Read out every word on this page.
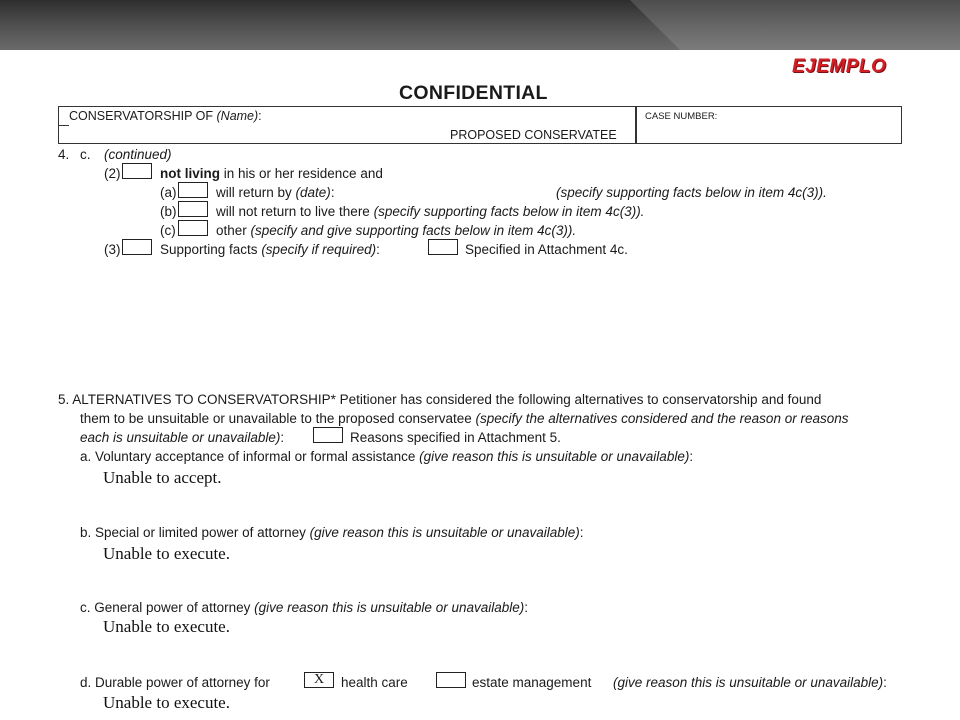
EJEMPLO
CONFIDENTIAL
CONSERVATORSHIP OF (Name):
PROPOSED CONSERVATEE
CASE NUMBER:
4. c. (continued)
(2)	not living in his or her residence and
(a)	will return by (date):	(specify supporting facts below in item 4c(3)).
(b)	will not return to live there (specify supporting facts below in item 4c(3)).
(c)	other (specify and give supporting facts below in item 4c(3)).
(3)	Supporting facts (specify if required):	Specified in Attachment 4c.
5. ALTERNATIVES TO CONSERVATORSHIP* Petitioner has considered the following alternatives to conservatorship and found
them to be unsuitable or unavailable to the proposed conservatee (specify the alternatives considered and the reason or reasons
each is unsuitable or unavailable):	Reasons specified in Attachment 5.
a. Voluntary acceptance of informal or formal assistance (give reason this is unsuitable or unavailable):
Unable to accept.
b. Special or limited power of attorney (give reason this is unsuitable or unavailable):
Unable to execute.
c. General power of attorney (give reason this is unsuitable or unavailable):
Unable to execute.
d. Durable power of attorney for	X	health care	estate management (give reason this is unsuitable or unavailable):
Unable to execute.
